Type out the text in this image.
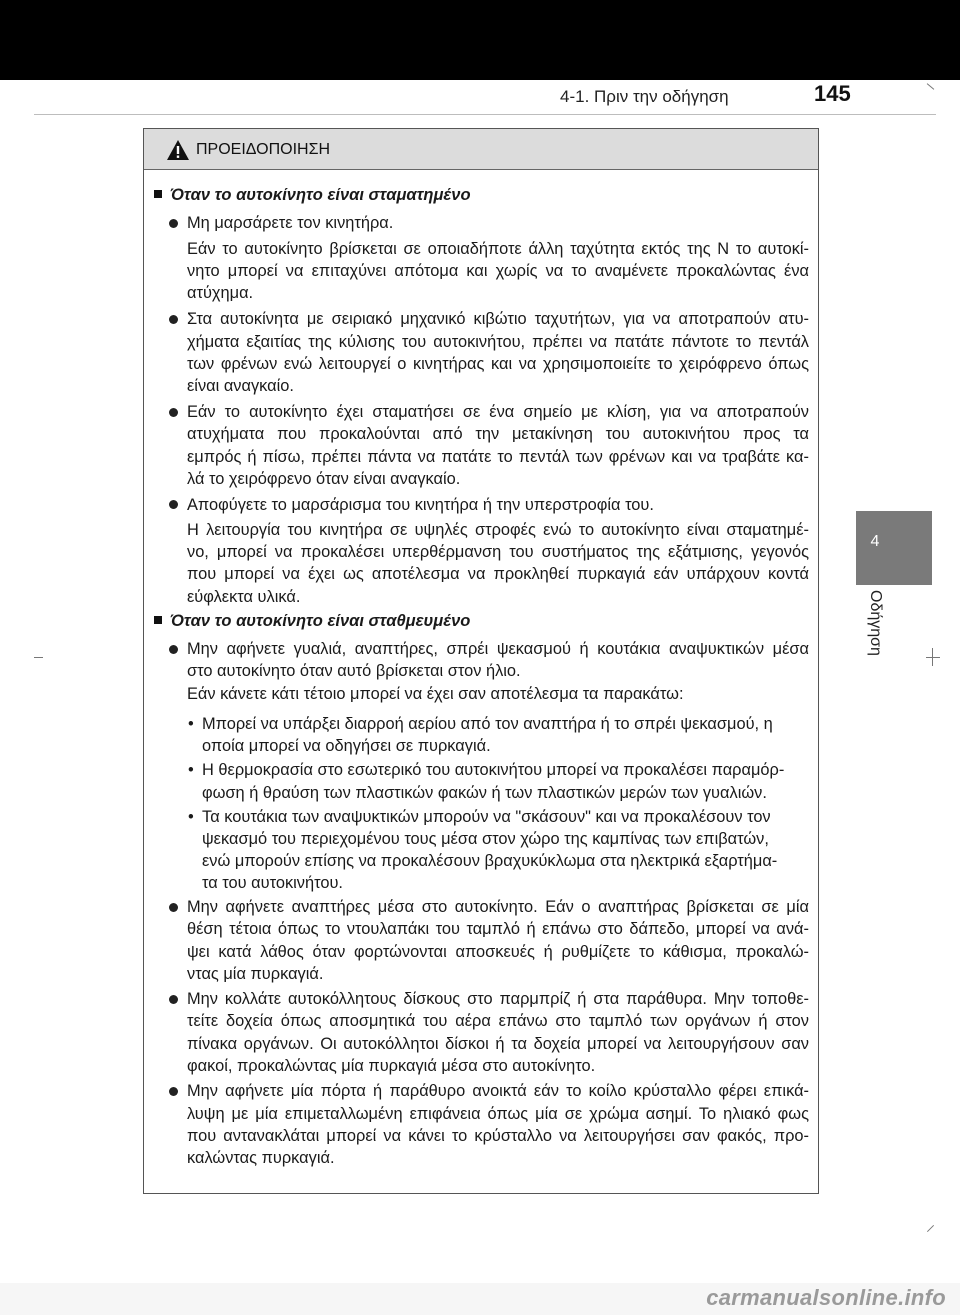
4-1. Πριν την οδήγηση	145
4
Οδήγηση
ΠΡΟΕΙΔΟΠΟΙΗΣΗ
Όταν το αυτοκίνητο είναι σταματημένο
Μη μαρσάρετε τον κινητήρα.
Εάν το αυτοκίνητο βρίσκεται σε οποιαδήποτε άλλη ταχύτητα εκτός της N το αυτοκί-
νητο μπορεί να επιταχύνει απότομα και χωρίς να το αναμένετε προκαλώντας ένα
ατύχημα.
Στα αυτοκίνητα με σειριακό μηχανικό κιβώτιο ταχυτήτων, για να αποτραπούν ατυ-
χήματα εξαιτίας της κύλισης του αυτοκινήτου, πρέπει να πατάτε πάντοτε το πεντάλ
των φρένων ενώ λειτουργεί ο κινητήρας και να χρησιμοποιείτε το χειρόφρενο όπως
είναι αναγκαίο.
Εάν το αυτοκίνητο έχει σταματήσει σε ένα σημείο με κλίση, για να αποτραπούν
ατυχήματα που προκαλούνται από την μετακίνηση του αυτοκινήτου προς τα
εμπρός ή πίσω, πρέπει πάντα να πατάτε το πεντάλ των φρένων και να τραβάτε κα-
λά το χειρόφρενο όταν είναι αναγκαίο.
Αποφύγετε το μαρσάρισμα του κινητήρα ή την υπερστροφία του.
Η λειτουργία του κινητήρα σε υψηλές στροφές ενώ το αυτοκίνητο είναι σταματημέ-
νο, μπορεί να προκαλέσει υπερθέρμανση του συστήματος της εξάτμισης, γεγονός
που μπορεί να έχει ως αποτέλεσμα να προκληθεί πυρκαγιά εάν υπάρχουν κοντά
εύφλεκτα υλικά.
Όταν το αυτοκίνητο είναι σταθμευμένο
Μην αφήνετε γυαλιά, αναπτήρες, σπρέι ψεκασμού ή κουτάκια αναψυκτικών μέσα
στο αυτοκίνητο όταν αυτό βρίσκεται στον ήλιο.
Εάν κάνετε κάτι τέτοιο μπορεί να έχει σαν αποτέλεσμα τα παρακάτω:
• Μπορεί να υπάρξει διαρροή αερίου από τον αναπτήρα ή το σπρέι ψεκασμού, η
οποία μπορεί να οδηγήσει σε πυρκαγιά.
• Η θερμοκρασία στο εσωτερικό του αυτοκινήτου μπορεί να προκαλέσει παραμόρ-
φωση ή θραύση των πλαστικών φακών ή των πλαστικών μερών των γυαλιών.
• Τα κουτάκια των αναψυκτικών μπορούν να "σκάσουν" και να προκαλέσουν τον
ψεκασμό του περιεχομένου τους μέσα στον χώρο της καμπίνας των επιβατών,
ενώ μπορούν επίσης να προκαλέσουν βραχυκύκλωμα στα ηλεκτρικά εξαρτήμα-
τα του αυτοκινήτου.
Μην αφήνετε αναπτήρες μέσα στο αυτοκίνητο. Εάν ο αναπτήρας βρίσκεται σε μία
θέση τέτοια όπως το ντουλαπάκι του ταμπλό ή επάνω στο δάπεδο, μπορεί να ανά-
ψει κατά λάθος όταν φορτώνονται αποσκευές ή ρυθμίζετε το κάθισμα, προκαλώ-
ντας μία πυρκαγιά.
Μην κολλάτε αυτοκόλλητους δίσκους στο παρμπρίζ ή στα παράθυρα. Μην τοποθε-
τείτε δοχεία όπως αποσμητικά του αέρα επάνω στο ταμπλό των οργάνων ή στον
πίνακα οργάνων. Οι αυτοκόλλητοι δίσκοι ή τα δοχεία μπορεί να λειτουργήσουν σαν
φακοί, προκαλώντας μία πυρκαγιά μέσα στο αυτοκίνητο.
Μην αφήνετε μία πόρτα ή παράθυρο ανοικτά εάν το κοίλο κρύσταλλο φέρει επικά-
λυψη με μία επιμεταλλωμένη επιφάνεια όπως μία σε χρώμα ασημί. Το ηλιακό φως
που αντανακλάται μπορεί να κάνει το κρύσταλλο να λειτουργήσει σαν φακός, προ-
καλώντας πυρκαγιά.
carmanualsonline.info
